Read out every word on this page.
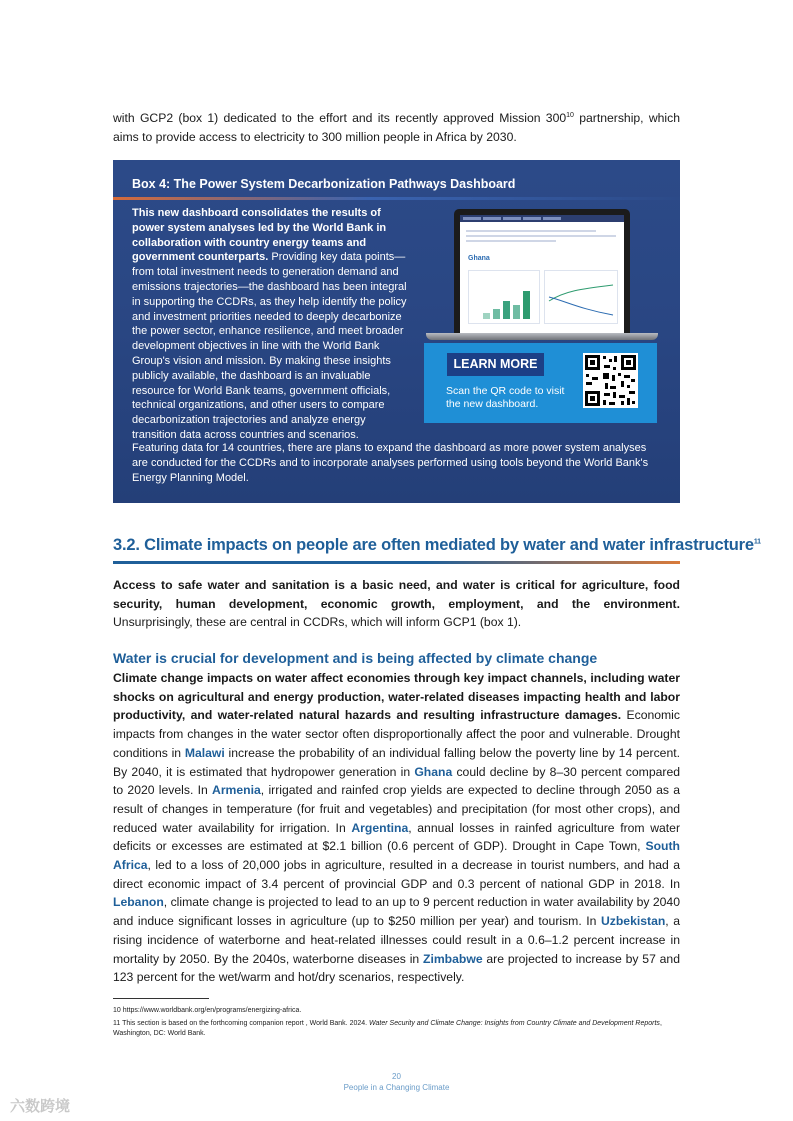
with GCP2 (box 1) dedicated to the effort and its recently approved Mission $300^{10}$ partnership, which aims to provide access to electricity to 300 million people in Africa by 2030.

Box 4: The Power System Decarbonization Pathways Dashboard
This new dashboard consolidates the results of power system analyses led by the World Bank in collaboration with country energy teams and government counterparts. Providing key data points—from total investment needs to generation demand and emissions trajectories—the dashboard has been integral in supporting the CCDRs, as they help identify the policy and investment priorities needed to deeply decarbonize the power sector, enhance resilience, and meet broader development objectives in line with the World Bank Group's vision and mission. By making these insights publicly available, the dashboard is an invaluable resource for World Bank teams, government officials, technical organizations, and other users to compare decarbonization trajectories and analyze energy transition data across countries and scenarios.
Ghana
LEARN MORE
Scan the QR code to visit the new dashboard.
Featuring data for 14 countries, there are plans to expand the dashboard as more power system analyses are conducted for the CCDRs and to incorporate analyses performed using tools beyond the World Bank's Energy Planning Model.
3.2. Climate impacts on people are often mediated by water and water infrastructure$^{11}$

Access to safe water and sanitation is a basic need, and water is critical for agriculture, food security, human development, economic growth, employment, and the environment. Unsurprisingly, these are central in CCDRs, which will inform GCP1 (box 1).

Water is crucial for development and is being affected by climate change

Climate change impacts on water affect economies through key impact channels, including water shocks on agricultural and energy production, water-related diseases impacting health and labor productivity, and water-related natural hazards and resulting infrastructure damages. Economic impacts from changes in the water sector often disproportionally affect the poor and vulnerable. Drought conditions in Malawi increase the probability of an individual falling below the poverty line by 14 percent. By 2040, it is estimated that hydropower generation in Ghana could decline by 8–30 percent compared to 2020 levels. In Armenia, irrigated and rainfed crop yields are expected to decline through 2050 as a result of changes in temperature (for fruit and vegetables) and precipitation (for most other crops), and reduced water availability for irrigation. In Argentina, annual losses in rainfed agriculture from water deficits or excesses are estimated at $2.1 billion (0.6 percent of GDP). Drought in Cape Town, South Africa, led to a loss of 20,000 jobs in agriculture, resulted in a decrease in tourist numbers, and had a direct economic impact of 3.4 percent of provincial GDP and 0.3 percent of national GDP in 2018. In Lebanon, climate change is projected to lead to an up to 9 percent reduction in water availability by 2040 and induce significant losses in agriculture (up to $250 million per year) and tourism. In Uzbekistan, a rising incidence of waterborne and heat-related illnesses could result in a 0.6–1.2 percent increase in mortality by 2050. By the 2040s, waterborne diseases in Zimbabwe are projected to increase by 57 and 123 percent for the wet/warm and hot/dry scenarios, respectively.

10 https://www.worldbank.org/en/programs/energizing-africa.

11 This section is based on the forthcoming companion report , World Bank. 2024. Water Security and Climate Change: Insights from Country Climate and Development Reports, Washington, DC: World Bank.

20
People in a Changing Climate
六数跨境
